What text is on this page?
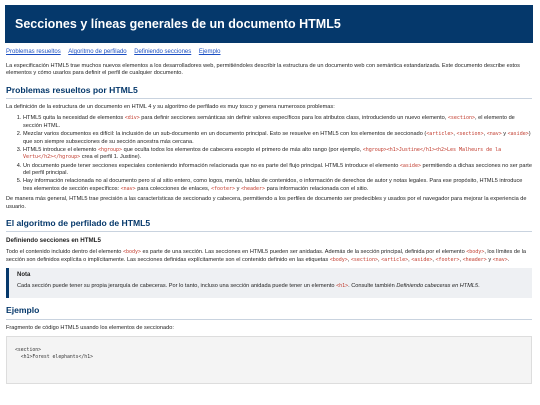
Secciones y líneas generales de un documento HTML5
Problemas resueltos Algoritmo de perfilado Definiendo secciones Ejemplo

La especificación HTML5 trae muchos nuevos elementos a los desarrolladores web, permitiéndoles describir la estructura de un documento web con semántica estandarizada. Este documento describe estos elementos y cómo usarlos para definir el perfil de cualquier documento.

Problemas resueltos por HTML5

La definición de la estructura de un documento en HTML 4 y su algoritmo de perfilado es muy tosco y genera numerosos problemas:

1. HTML5 quita la necesidad de elementos <div> para definir secciones semánticas sin definir valores específicos para los atributos class, introduciendo un nuevo elemento, <section>, el elemento de sección HTML.
2. Mezclar varios documentos es difícil: la inclusión de un sub-documento en un documento principal. Esto se resuelve en HTML5 con los elementos de seccionado (<article>, <section>, <nav> y <aside>) que son siempre subsecciones de su sección ancestra más cercana.
3. HTML5 introduce el elemento <hgroup> que oculta todos los elementos de cabecera excepto el primero de más alto rango (por ejemplo, <hgroup><h1>Justine</h1><h2>Les Malheurs de la Vertu</h2></hgroup> crea el perfil 1. Justine).
4. Un documento puede tener secciones especiales conteniendo información relacionada que no es parte del flujo principal. HTML5 introduce el elemento <aside> permitiendo a dichas secciones no ser parte del perfil principal.
5. Hay información relacionada no al documento pero sí al sitio entero, como logos, menús, tablas de contenidos, o información de derechos de autor y notas legales. Para ese propósito, HTML5 introduce tres elementos de sección específicos: <nav> para colecciones de enlaces, <footer> y <header> para información relacionada con el sitio.

De manera más general, HTML5 trae precisión a las características de seccionado y cabecera, permitiendo a los perfiles de documento ser predecibles y usados por el navegador para mejorar la experiencia de usuario.

El algoritmo de perfilado de HTML5
Definiendo secciones en HTML5

Todo el contenido incluido dentro del elemento <body> es parte de una sección. Las secciones en HTML5 pueden ser anidadas. Además de la sección principal, definida por el elemento <body>, los límites de la sección son definidos explícita o implícitamente. Las secciones definidas explícitamente son el contenido definido en las etiquetas <body>, <section>, <article>, <aside>, <footer>, <header> y <nav>.

Nota

Cada sección puede tener su propia jerarquía de cabeceras. Por lo tanto, incluso una sección anidada puede tener un elemento <h1>. Consulte también Definiendo cabeceras en HTML5.

Ejemplo

Fragmento de código HTML5 usando los elementos de seccionado:

<section>
<h1>Forest elephants</h1>
